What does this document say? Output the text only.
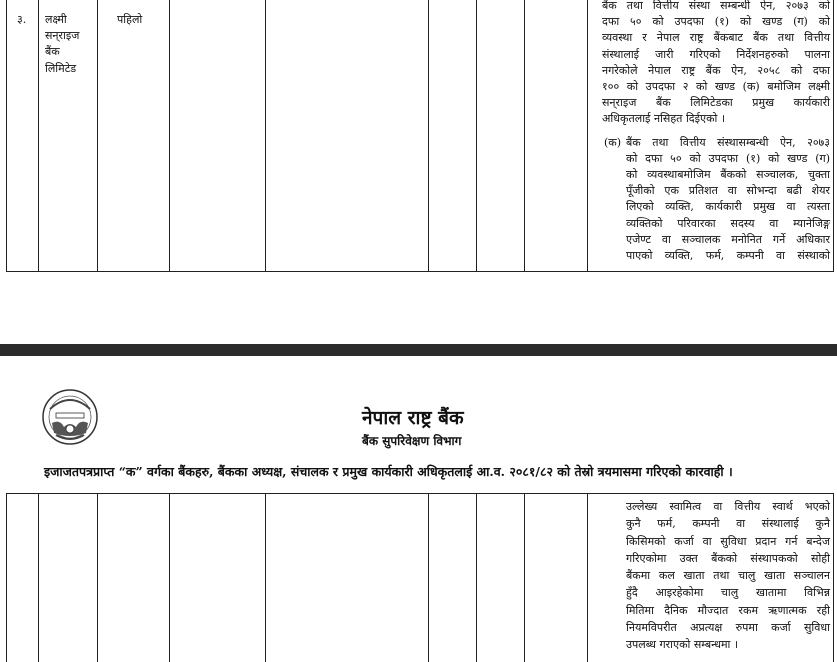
३. लक्ष्मी
सन्‌राइज
बैंक
लिमिटेड
पहिलो
बैंक तथा वित्तीय संस्था सम्बन्धी ऐन, २०७३ को
दफा ५० को उपदफा (१) को खण्ड (ग) को
व्यवस्था र नेपाल राष्ट्र बैंकबाट बैंक तथा वित्तीय
संस्थालाई जारी गरिएको निर्देशनहरुको पालना
नगरेकोले नेपाल राष्ट्र बैंक ऐन, २०५८ को दफा
१०० को उपदफा २ को खण्ड (क) बमोजिम लक्ष्मी
सन्‌राइज बैंक लिमिटेडका प्रमुख कार्यकारी
अधिकृतलाई नसिहत दिईएको ।
(क) बैंक तथा वित्तीय संस्थासम्बन्धी ऐन, २०७३
को दफा ५० को उपदफा (१) को खण्ड (ग)
को व्यवस्थाबमोजिम बैंकको सञ्चालक, चुक्ता
पूँजीको एक प्रतिशत वा सोभन्दा बढी शेयर
लिएको व्यक्ति, कार्यकारी प्रमुख वा त्यस्ता
व्यक्तिको परिवारका सदस्य वा म्यानेजिङ्ग
एजेण्ट वा सञ्चालक मनोनित गर्ने अधिकार
पाएको व्यक्ति, फर्म, कम्पनी वा संस्थाको
नेपाल राष्ट्र बैंक
बैंक सुपरिवेक्षण विभाग
इजाजतपत्रप्राप्त “क” वर्गका बैंकहरु, बैंकका अध्यक्ष, संचालक र प्रमुख कार्यकारी अधिकृतलाई आ.व. २०८१/८२ को तेस्रो त्रयमासमा गरिएको कारवाही ।
उल्लेख्य स्वामित्व वा वित्तीय स्वार्थ भएको
कुनै फर्म, कम्पनी वा संस्थालाई कुनै
किसिमको कर्जा वा सुविधा प्रदान गर्न बन्देज
गरिएकोमा उक्त बैंकको संस्थापकको सोही
बैंकमा कल खाता तथा चालु खाता सञ्चालन
हुँदै आइरहेकोमा चालु खातामा विभिन्न
मितिमा दैनिक मौज्दात रकम ऋणात्मक रही
नियमविपरीत अप्रत्यक्ष रुपमा कर्जा सुविधा
उपलब्ध गराएको सम्बन्धमा ।
